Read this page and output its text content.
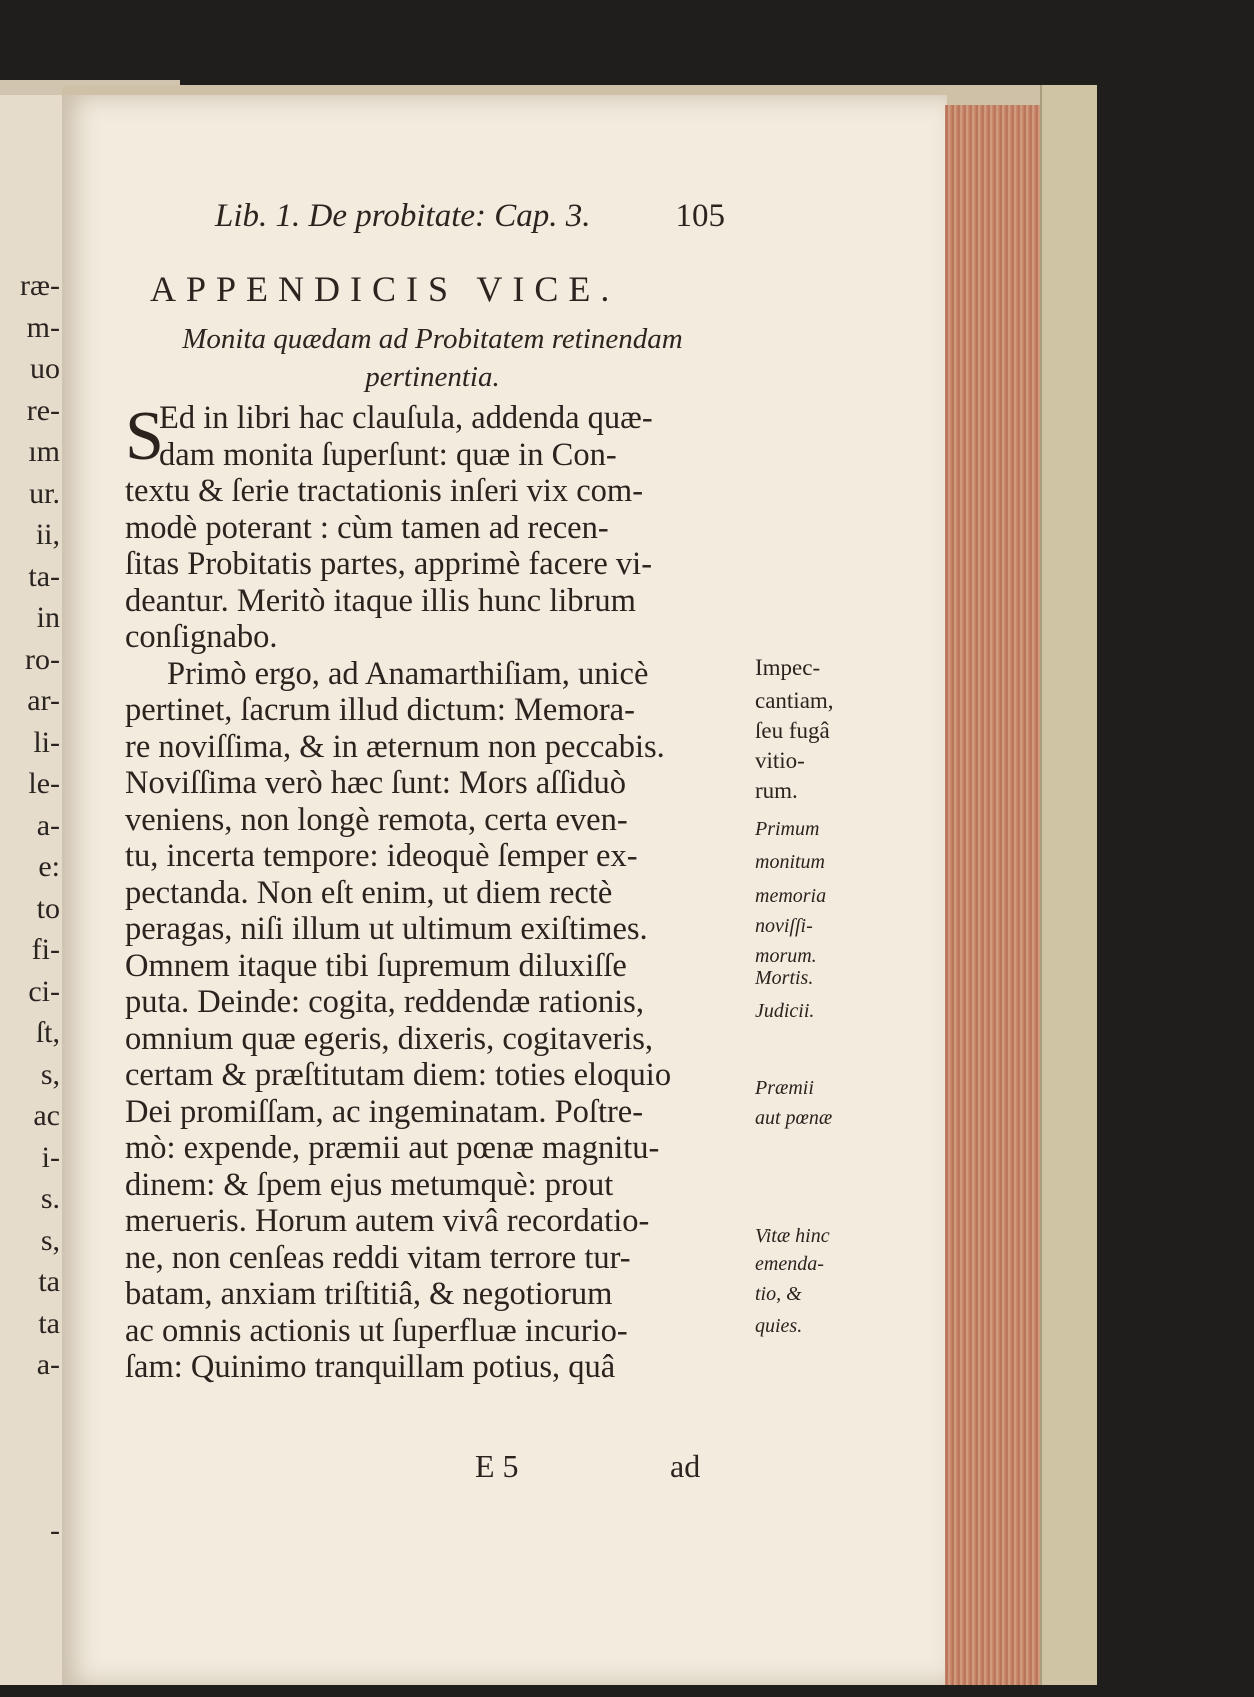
ræ-
m-
uo
re-
ım
ur.
ii,
ta-
in
ro-
ar-
li-
le-
a-
e:
to
fi-
ci-
ſt,
s,
ac
i-
s.
s,
ta
ta
a-
-
Lib. 1. De probitate: Cap. 3.	105
APPENDICIS VICE.
Monita quædam ad Probitatem retinendam pertinentia.
S
Ed in libri hac clauſula, addenda quæ-
dam monita ſuperſunt: quæ in Con-
textu & ſerie tractationis inſeri vix com-
modè poterant : cùm tamen ad recen-
ſitas Probitatis partes, apprimè facere vi-
deantur. Meritò itaque illis hunc librum
conſignabo.
Primò ergo, ad Anamarthiſiam, unicè
pertinet, ſacrum illud dictum: Memora-
re noviſſima, & in æternum non peccabis.
Noviſſima verò hæc ſunt: Mors aſſiduò
veniens, non longè remota, certa even-
tu, incerta tempore: ideoquè ſemper ex-
pectanda. Non eſt enim, ut diem rectè
peragas, niſi illum ut ultimum exiſtimes.
Omnem itaque tibi ſupremum diluxiſſe
puta. Deinde: cogita, reddendæ rationis,
omnium quæ egeris, dixeris, cogitaveris,
certam & præſtitutam diem: toties eloquio
Dei promiſſam, ac ingeminatam. Poſtre-
mò: expende, præmii aut pœnæ magnitu-
dinem: & ſpem ejus metumquè: prout
merueris. Horum autem vivâ recordatio-
ne, non cenſeas reddi vitam terrore tur-
batam, anxiam triſtitiâ, & negotiorum
ac omnis actionis ut ſuperfluæ incurio-
ſam: Quinimo tranquillam potius, quâ
Impec-
cantiam,
ſeu fugâ
vitio-
rum.
Primum
monitum
memoria
noviſſi-
morum.
Mortis.
Judicii.
Præmii
aut pœnæ
Vitæ hinc
emenda-
tio, &
quies.
E 5	ad
